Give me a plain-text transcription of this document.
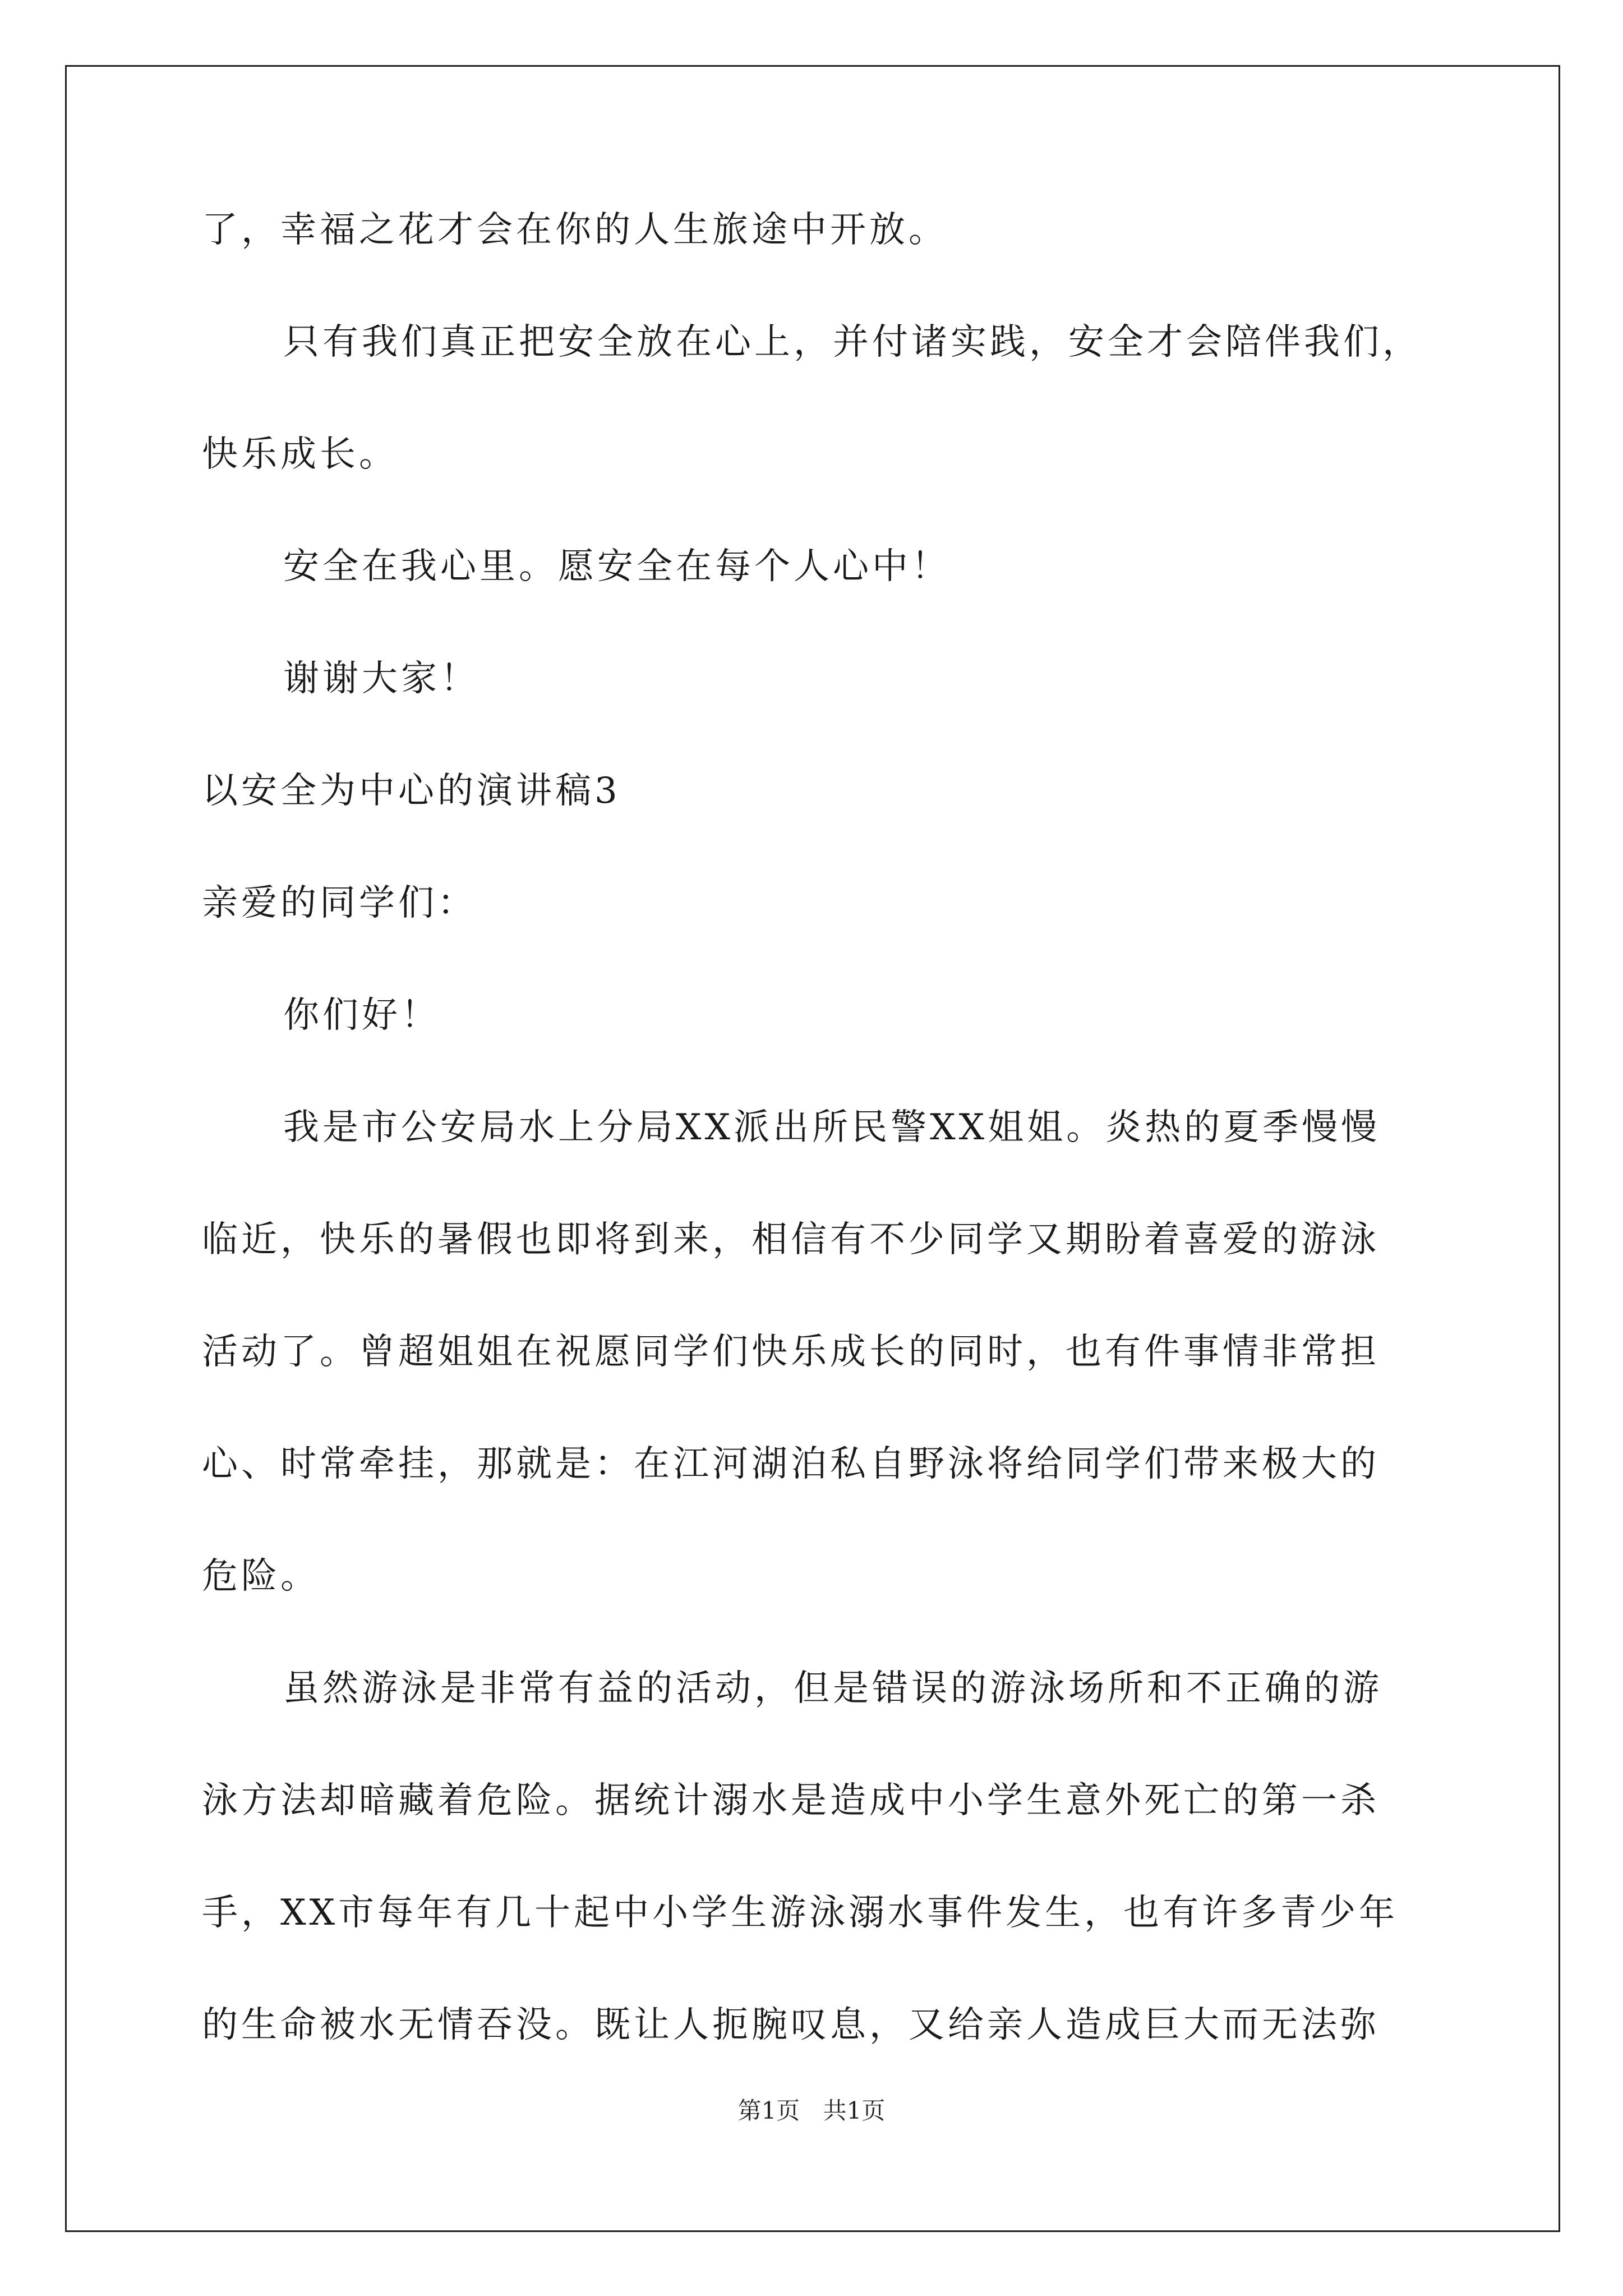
了，幸福之花才会在你的人生旅途中开放。
只有我们真正把安全放在心上，并付诸实践，安全才会陪伴我们，
快乐成长。
安全在我心里。愿安全在每个人心中！
谢谢大家！
以安全为中心的演讲稿3
亲爱的同学们：
你们好！
我是市公安局水上分局XX派出所民警XX姐姐。炎热的夏季慢慢
临近，快乐的暑假也即将到来，相信有不少同学又期盼着喜爱的游泳
活动了。曾超姐姐在祝愿同学们快乐成长的同时，也有件事情非常担
心、时常牵挂，那就是：在江河湖泊私自野泳将给同学们带来极大的
危险。
虽然游泳是非常有益的活动，但是错误的游泳场所和不正确的游
泳方法却暗藏着危险。据统计溺水是造成中小学生意外死亡的第一杀
手，XX市每年有几十起中小学生游泳溺水事件发生，也有许多青少年
的生命被水无情吞没。既让人扼腕叹息，又给亲人造成巨大而无法弥
第1页 共1页
